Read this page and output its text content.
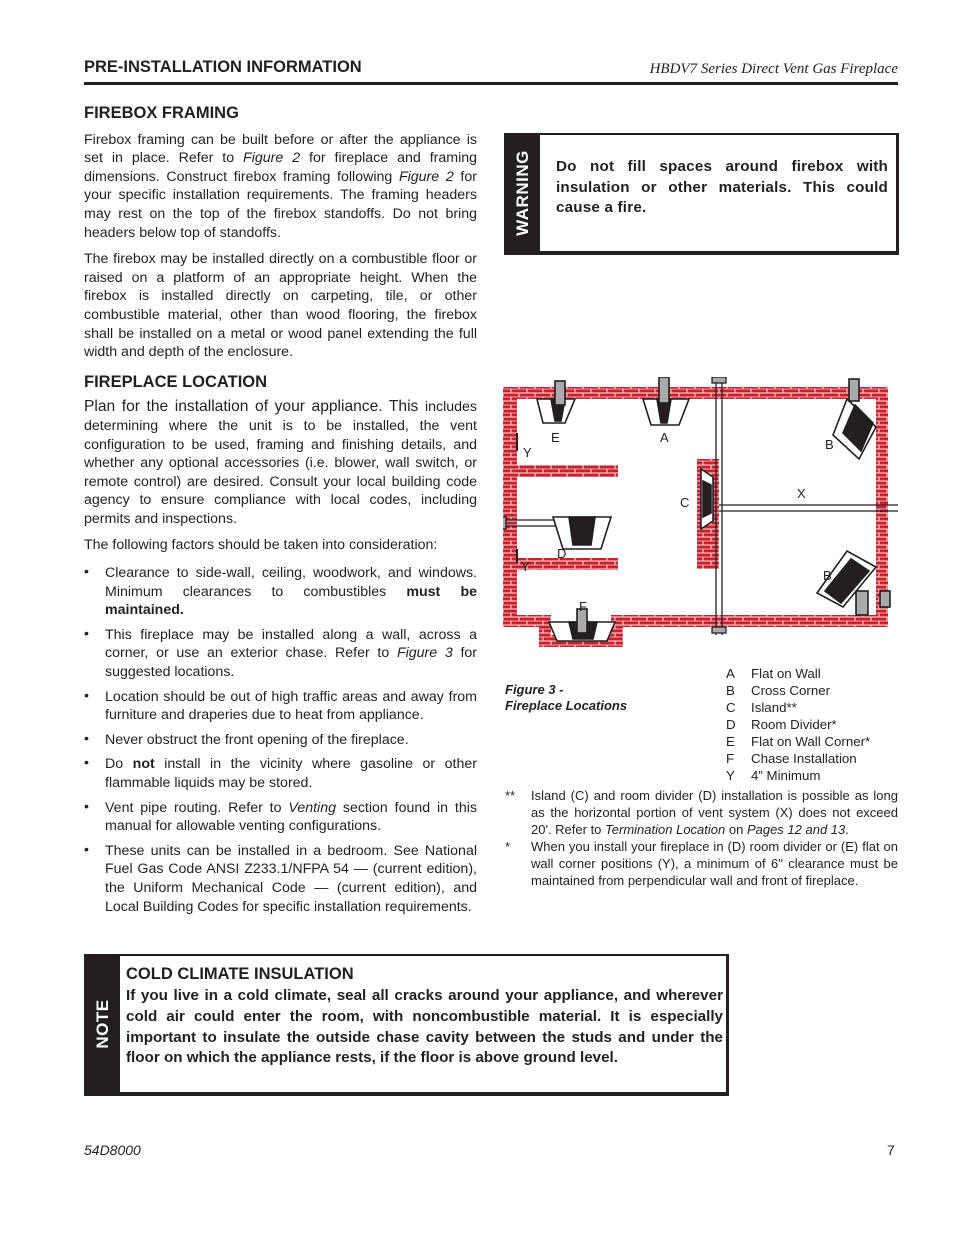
PRE-INSTALLATION INFORMATION	HBDV7 Series Direct Vent Gas Fireplace
FIREBOX FRAMING

Firebox framing can be built before or after the appliance is set in place. Refer to Figure 2 for fireplace and framing dimensions. Construct firebox framing following Figure 2 for your specific installation requirements. The framing headers may rest on the top of the firebox standoffs. Do not bring headers below top of standoffs.

The firebox may be installed directly on a combustible floor or raised on a platform of an appropriate height. When the firebox is installed directly on carpeting, tile, or other combustible material, other than wood flooring, the firebox shall be installed on a metal or wood panel extending the full width and depth of the enclosure.

FIREPLACE LOCATION

Plan for the installation of your appliance. This includes determining where the unit is to be installed, the vent configuration to be used, framing and finishing details, and whether any optional accessories (i.e. blower, wall switch, or remote control) are desired. Consult your local building code agency to ensure compliance with local codes, including permits and inspections.

The following factors should be taken into consideration:

• Clearance to side-wall, ceiling, woodwork, and windows. Minimum clearances to combustibles must be maintained.
• This fireplace may be installed along a wall, across a corner, or use an exterior chase. Refer to Figure 3 for suggested locations.
• Location should be out of high traffic areas and away from furniture and draperies due to heat from appliance.
• Never obstruct the front opening of the fireplace.
• Do not install in the vicinity where gasoline or other flammable liquids may be stored.
• Vent pipe routing. Refer to Venting section found in this manual for allowable venting configurations.
• These units can be installed in a bedroom. See National Fuel Gas Code ANSI Z233.1/NFPA 54 — (current edition), the Uniform Mechanical Code — (current edition), and Local Building Codes for specific installation requirements.
WARNING Do not fill spaces around firebox with insulation or other materials. This could cause a fire.
E	A	B
Y
X
C
D
Y
B
F
Figure 3 -
Fireplace Locations
A	Flat on Wall
B	Cross Corner
C	Island**
D	Room Divider*
E	Flat on Wall Corner*
F	Chase Installation
Y	4” Minimum
**	Island (C) and room divider (D) installation is possible as long as the horizontal portion of vent system (X) does not exceed 20'. Refer to Termination Location on Pages 12 and 13.
*	When you install your fireplace in (D) room divider or (E) flat on wall corner positions (Y), a minimum of 6" clearance must be maintained from perpendicular wall and front of fireplace.
NOTE
COLD CLIMATE INSULATION
If you live in a cold climate, seal all cracks around your appliance, and wherever cold air could enter the room, with noncombustible material. It is especially important to insulate the outside chase cavity between the studs and under the floor on which the appliance rests, if the floor is above ground level.
54D8000	7
